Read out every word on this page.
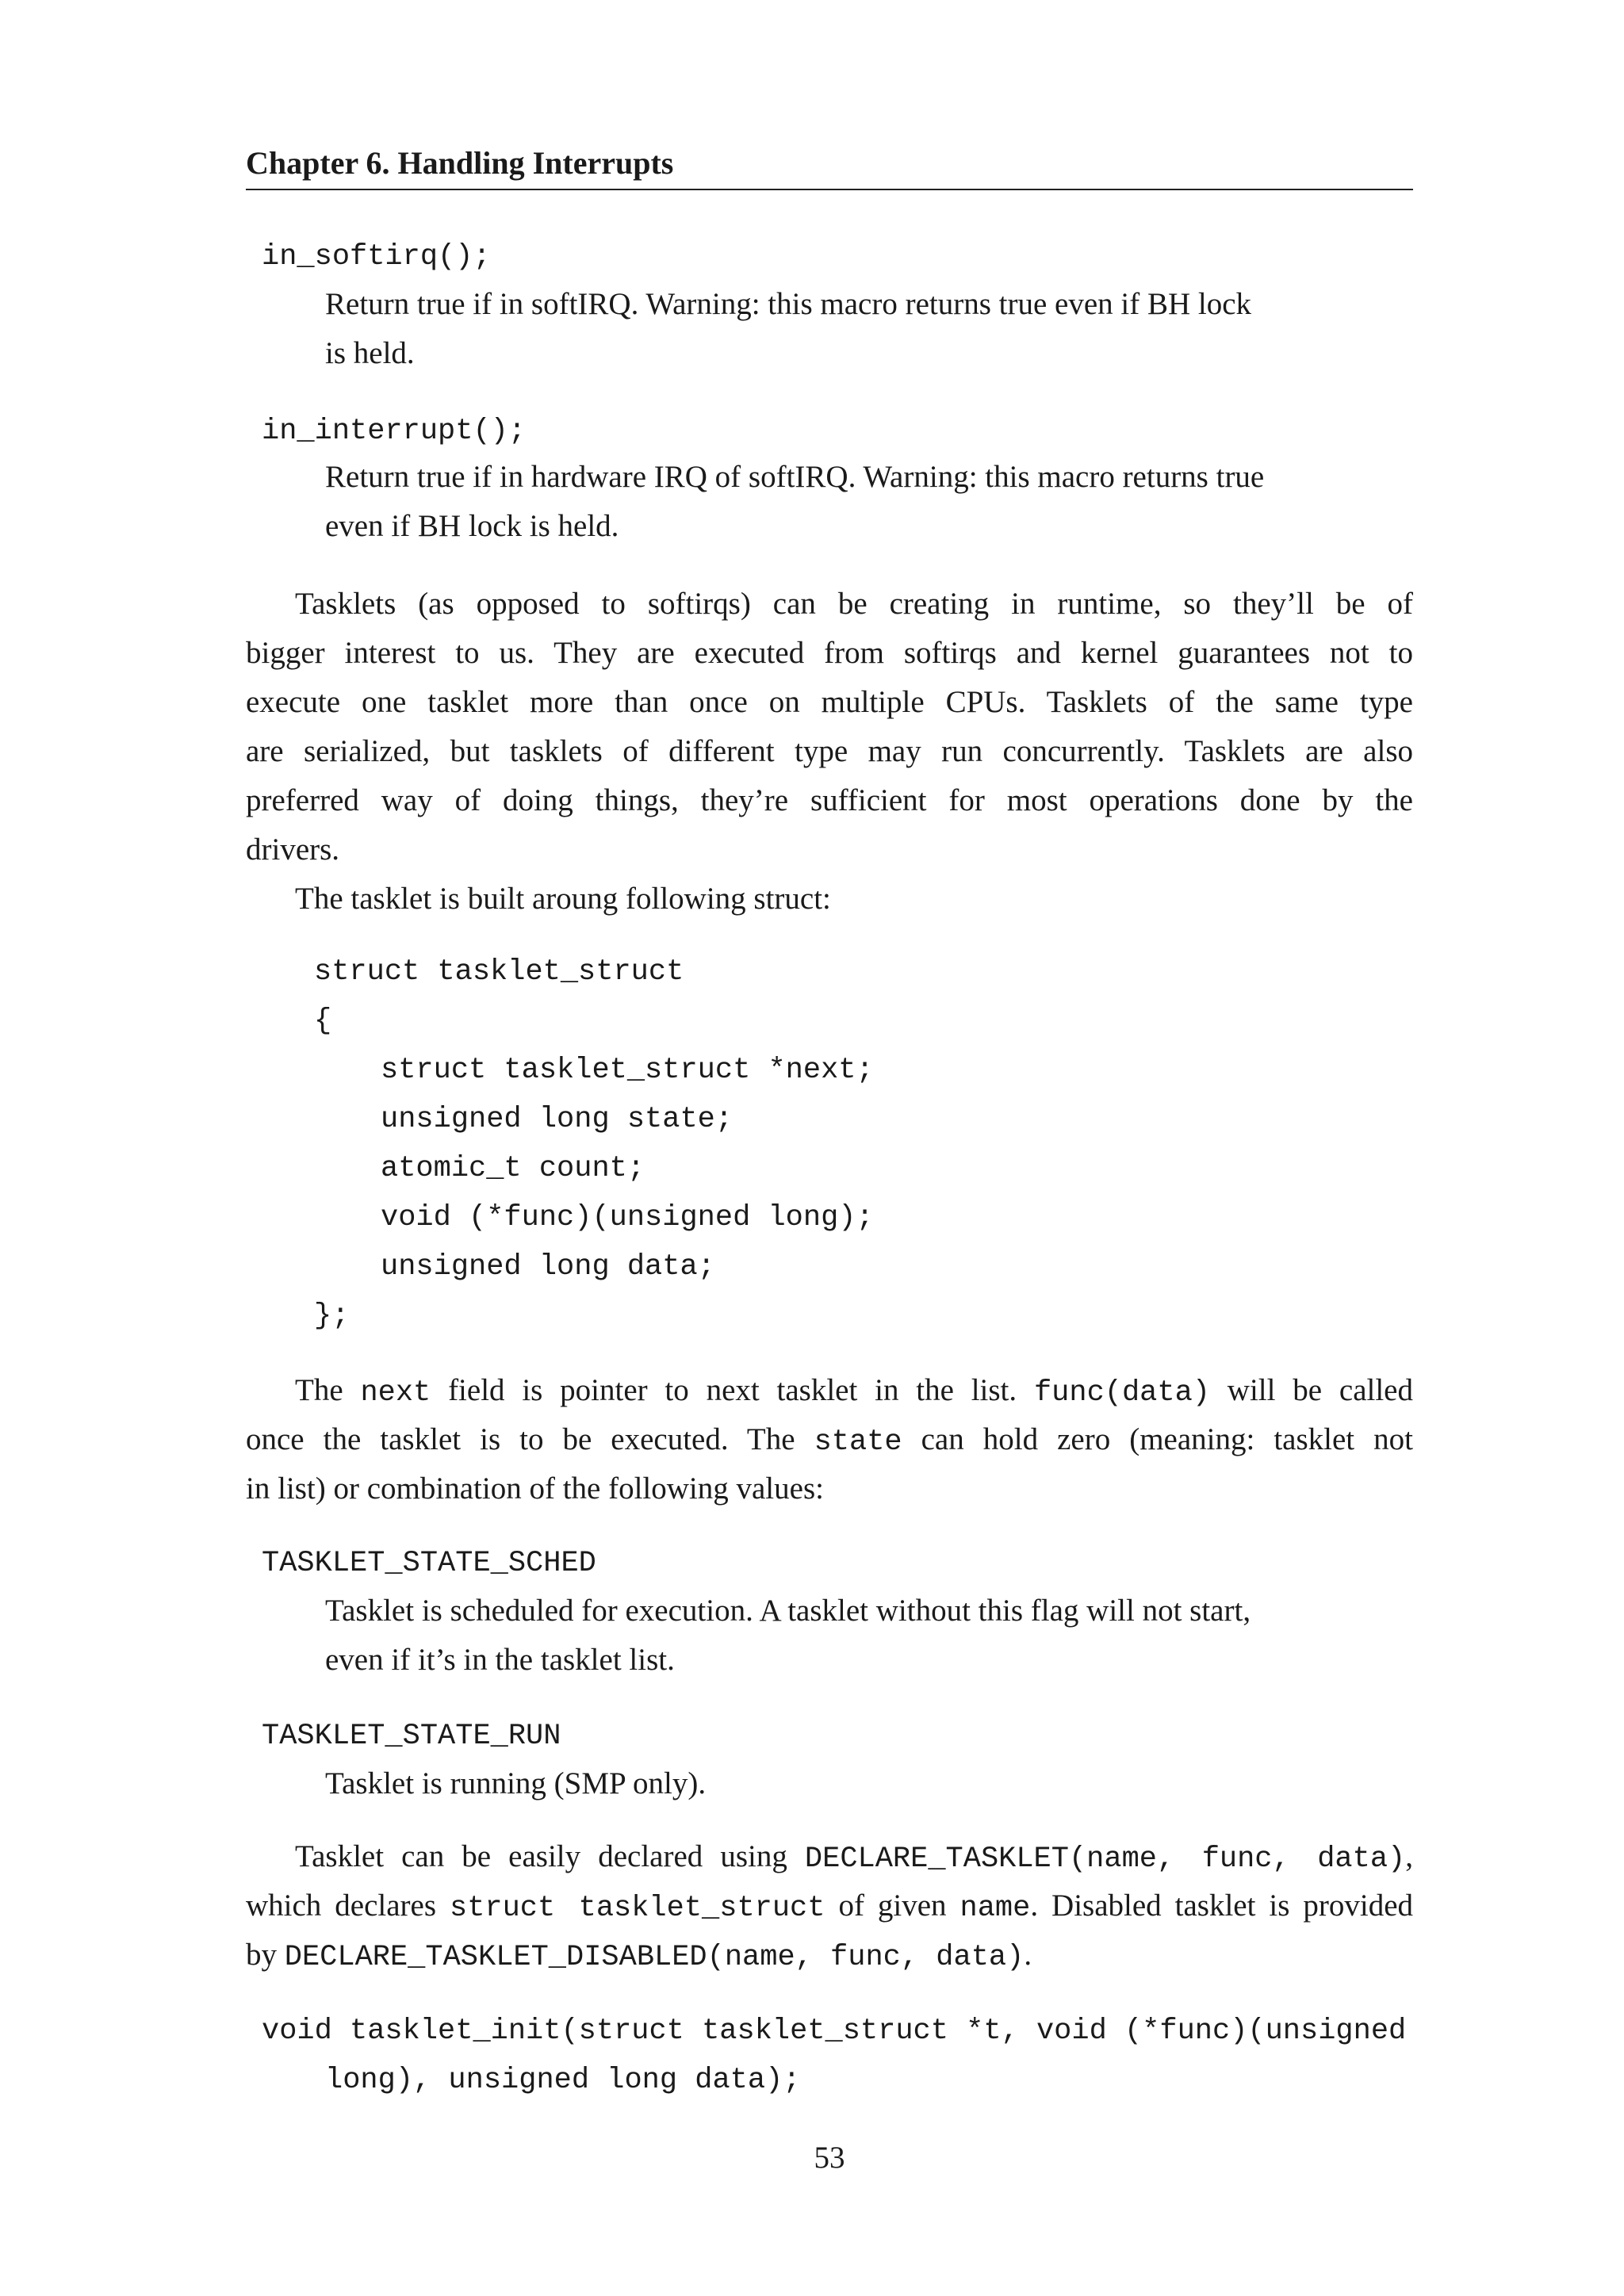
Chapter 6. Handling Interrupts
in_softirq();
Return true if in softIRQ. Warning: this macro returns true even if BH lock
is held.
in_interrupt();
Return true if in hardware IRQ of softIRQ. Warning: this macro returns true
even if BH lock is held.
Tasklets (as opposed to softirqs) can be creating in runtime, so they’ll be of
bigger interest to us. They are executed from softirqs and kernel guarantees not to
execute one tasklet more than once on multiple CPUs. Tasklets of the same type
are serialized, but tasklets of different type may run concurrently. Tasklets are also
preferred way of doing things, they’re sufficient for most operations done by the
drivers.
The tasklet is built aroung following struct:
struct tasklet_struct
{
struct tasklet_struct *next;
unsigned long state;
atomic_t count;
void (*func)(unsigned long);
unsigned long data;
};
The next field is pointer to next tasklet in the list. func(data) will be called
once the tasklet is to be executed. The state can hold zero (meaning: tasklet not
in list) or combination of the following values:
TASKLET_STATE_SCHED
Tasklet is scheduled for execution. A tasklet without this flag will not start,
even if it’s in the tasklet list.
TASKLET_STATE_RUN
Tasklet is running (SMP only).
Tasklet can be easily declared using DECLARE_TASKLET(name, func, data),
which declares struct tasklet_struct of given name. Disabled tasklet is provided
by DECLARE_TASKLET_DISABLED(name, func, data).
void tasklet_init(struct tasklet_struct *t, void (*func)(unsigned
long), unsigned long data);
53
